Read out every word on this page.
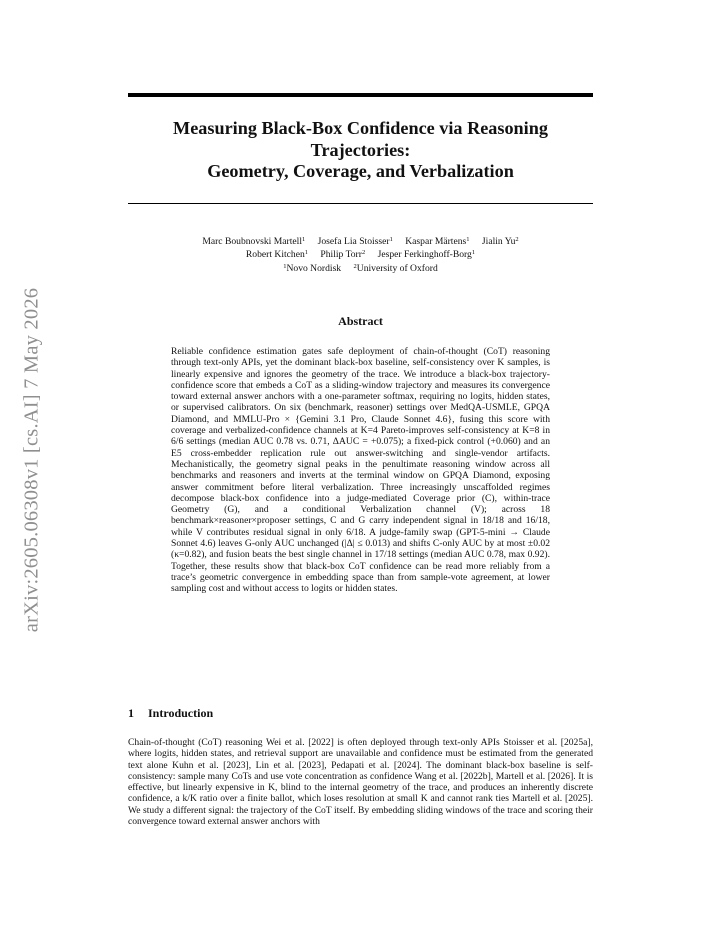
arXiv:2605.06308v1 [cs.AI] 7 May 2026
Measuring Black-Box Confidence via Reasoning
Trajectories:
Geometry, Coverage, and Verbalization
Marc Boubnovski Martell$^1$ Josefa Lia Stoisser$^1$ Kaspar Märtens$^1$ Jialin Yu$^2$
Robert Kitchen$^1$ Philip Torr$^2$ Jesper Ferkinghoff-Borg$^1$
$^1$Novo Nordisk $^2$University of Oxford
Abstract

Reliable confidence estimation gates safe deployment of chain-of-thought (CoT) reasoning through text-only APIs, yet the dominant black-box baseline, self-consistency over K samples, is linearly expensive and ignores the geometry of the trace. We introduce a black-box trajectory-confidence score that embeds a CoT as a sliding-window trajectory and measures its convergence toward external answer anchors with a one-parameter softmax, requiring no logits, hidden states, or supervised calibrators. On six (benchmark, reasoner) settings over MedQA-USMLE, GPQA Diamond, and MMLU-Pro × {Gemini 3.1 Pro, Claude Sonnet 4.6}, fusing this score with coverage and verbalized-confidence channels at K=4 Pareto-improves self-consistency at K=8 in 6/6 settings (median AUC 0.78 vs. 0.71, ΔAUC = +0.075); a fixed-pick control (+0.060) and an E5 cross-embedder replication rule out answer-switching and single-vendor artifacts. Mechanistically, the geometry signal peaks in the penultimate reasoning window across all benchmarks and reasoners and inverts at the terminal window on GPQA Diamond, exposing answer commitment before literal verbalization. Three increasingly unscaffolded regimes decompose black-box confidence into a judge-mediated Coverage prior (C), within-trace Geometry (G), and a conditional Verbalization channel (V); across 18 benchmark×reasoner×proposer settings, C and G carry independent signal in 18/18 and 16/18, while V contributes residual signal in only 6/18. A judge-family swap (GPT-5-mini → Claude Sonnet 4.6) leaves G-only AUC unchanged (|Δ| ≤ 0.013) and shifts C-only AUC by at most ±0.02 (κ=0.82), and fusion beats the best single channel in 17/18 settings (median AUC 0.78, max 0.92). Together, these results show that black-box CoT confidence can be read more reliably from a trace’s geometric convergence in embedding space than from sample-vote agreement, at lower sampling cost and without access to logits or hidden states.

1 Introduction

Chain-of-thought (CoT) reasoning Wei et al. [2022] is often deployed through text-only APIs Stoisser et al. [2025a], where logits, hidden states, and retrieval support are unavailable and confidence must be estimated from the generated text alone Kuhn et al. [2023], Lin et al. [2023], Pedapati et al. [2024]. The dominant black-box baseline is self-consistency: sample many CoTs and use vote concentration as confidence Wang et al. [2022b], Martell et al. [2026]. It is effective, but linearly expensive in K, blind to the internal geometry of the trace, and produces an inherently discrete confidence, a k/K ratio over a finite ballot, which loses resolution at small K and cannot rank ties Martell et al. [2025]. We study a different signal: the trajectory of the CoT itself. By embedding sliding windows of the trace and scoring their convergence toward external answer anchors with
